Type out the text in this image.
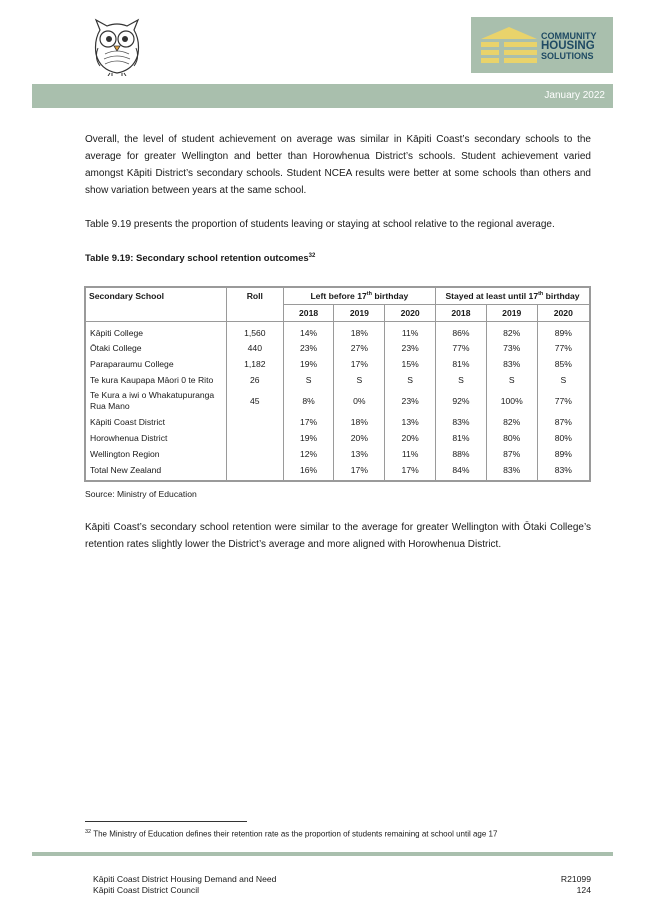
COMMUNITY
HOUSING
SOLUTIONS
January 2022

Overall, the level of student achievement on average was similar in Kāpiti Coast’s secondary schools to the average for greater Wellington and better than Horowhenua District’s schools. Student achievement varied amongst Kāpiti District’s secondary schools. Student NCEA results were better at some schools than others and show variation between years at the same school.

Table 9.19 presents the proportion of students leaving or staying at school relative to the regional average.

Table 9.19: Secondary school retention outcomes$^{32}$
Secondary School	Roll	Left before 17th birthday			Stayed at least until 17th birthday		
		2018	2019	2020	2018	2019	2020
Kāpiti College	1,560	14%	18%	11%	86%	82%	89%
Ōtaki College	440	23%	27%	23%	77%	73%	77%
Paraparaumu College	1,182	19%	17%	15%	81%	83%	85%
Te kura Kaupapa Māori 0 te Rito	26	S	S	S	S	S	S
Te Kura a iwi o Whakatupuranga Rua Mano	45	8%	0%	23%	92%	100%	77%
Kāpiti Coast District		17%	18%	13%	83%	82%	87%
Horowhenua District		19%	20%	20%	81%	80%	80%
Wellington Region		12%	13%	11%	88%	87%	89%
Total New Zealand		16%	17%	17%	84%	83%	83%
Source: Ministry of Education

Kāpiti Coast’s secondary school retention were similar to the average for greater Wellington with Ōtaki College’s retention rates slightly lower the District’s average and more aligned with Horowhenua District.

$^{32}$ The Ministry of Education defines their retention rate as the proportion of students remaining at school until age 17
Kāpiti Coast District Housing Demand and Need
Kāpiti Coast District Council
R21099
124
